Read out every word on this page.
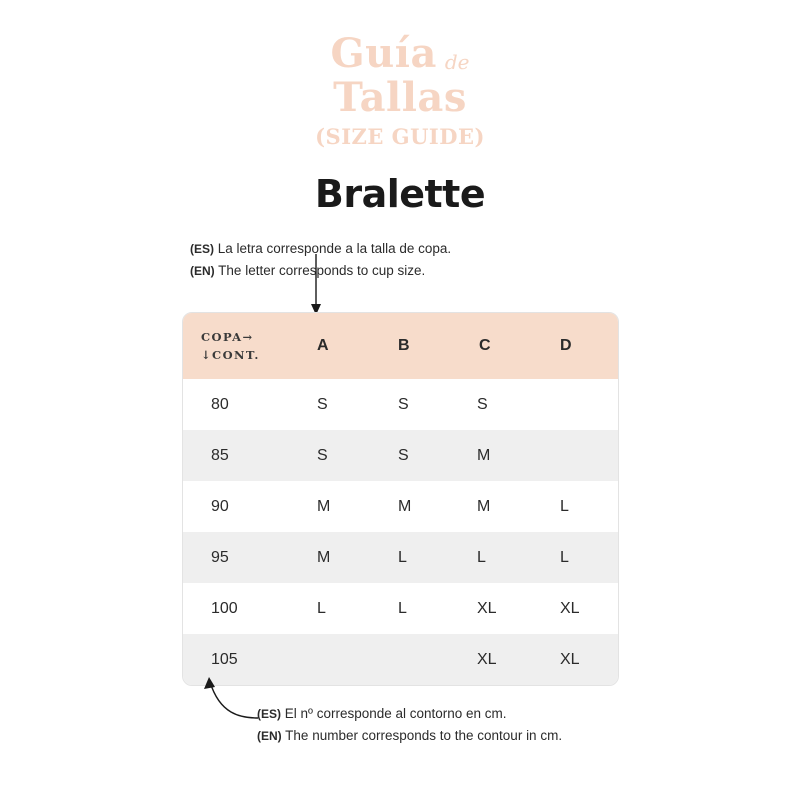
Guía de
Tallas
(SIZE GUIDE)
Bralette
(ES) La letra corresponde a la talla de copa.
(EN) The letter corresponds to cup size.
COPA→
↓CONT.	A	B	C	D
80	S	S	S	

85	S	S	M	

90	M	M	M	L

95	M	L	L	L

100	L	L	XL	XL

105			XL	XL
(ES) El nº corresponde al contorno en cm.
(EN) The number corresponds to the contour in cm.
